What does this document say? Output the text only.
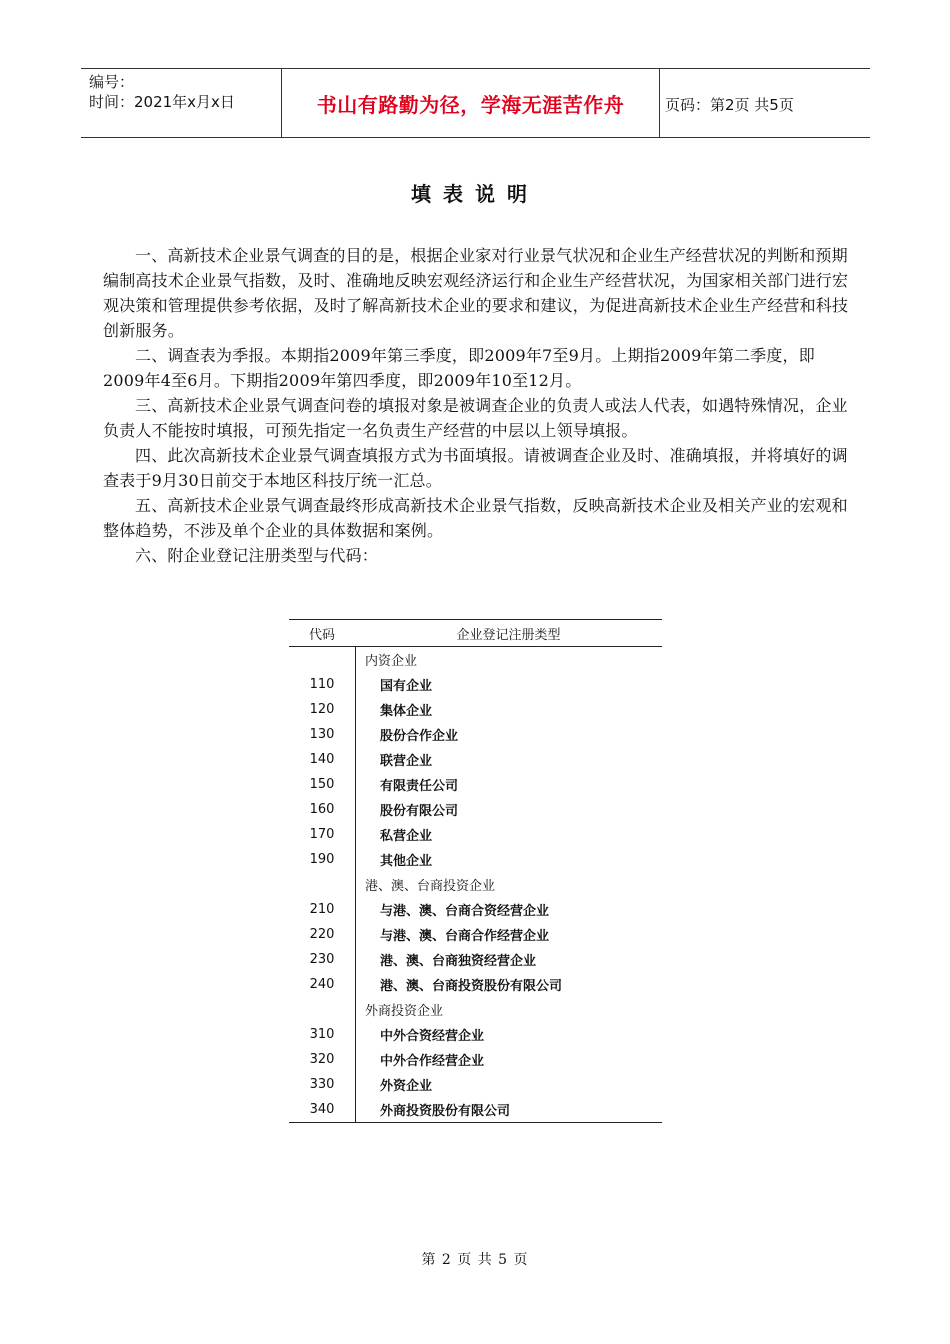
编号：
时间：2021年x月x日	书山有路勤为径，学海无涯苦作舟	页码：第2页 共5页
填表说明

一、高新技术企业景气调查的目的是，根据企业家对行业景气状况和企业生产经营状况的判断和预期编制高技术企业景气指数，及时、准确地反映宏观经济运行和企业生产经营状况，为国家相关部门进行宏观决策和管理提供参考依据，及时了解高新技术企业的要求和建议，为促进高新技术企业生产经营和科技创新服务。

二、调查表为季报。本期指2009年第三季度，即2009年7至9月。上期指2009年第二季度，即2009年4至6月。下期指2009年第四季度，即2009年10至12月。

三、高新技术企业景气调查问卷的填报对象是被调查企业的负责人或法人代表，如遇特殊情况，企业负责人不能按时填报，可预先指定一名负责生产经营的中层以上领导填报。

四、此次高新技术企业景气调查填报方式为书面填报。请被调查企业及时、准确填报，并将填好的调查表于9月30日前交于本地区科技厅统一汇总。

五、高新技术企业景气调查最终形成高新技术企业景气指数，反映高新技术企业及相关产业的宏观和整体趋势，不涉及单个企业的具体数据和案例。

六、附企业登记注册类型与代码：

代码	企业登记注册类型
内资企业
110	国有企业
120	集体企业
130	股份合作企业
140	联营企业
150	有限责任公司
160	股份有限公司
170	私营企业
190	其他企业
港、澳、台商投资企业
210	与港、澳、台商合资经营企业
220	与港、澳、台商合作经营企业
230	港、澳、台商独资经营企业
240	港、澳、台商投资股份有限公司
外商投资企业
310	中外合资经营企业
320	中外合作经营企业
330	外资企业
340	外商投资股份有限公司
第 2 页 共 5 页
